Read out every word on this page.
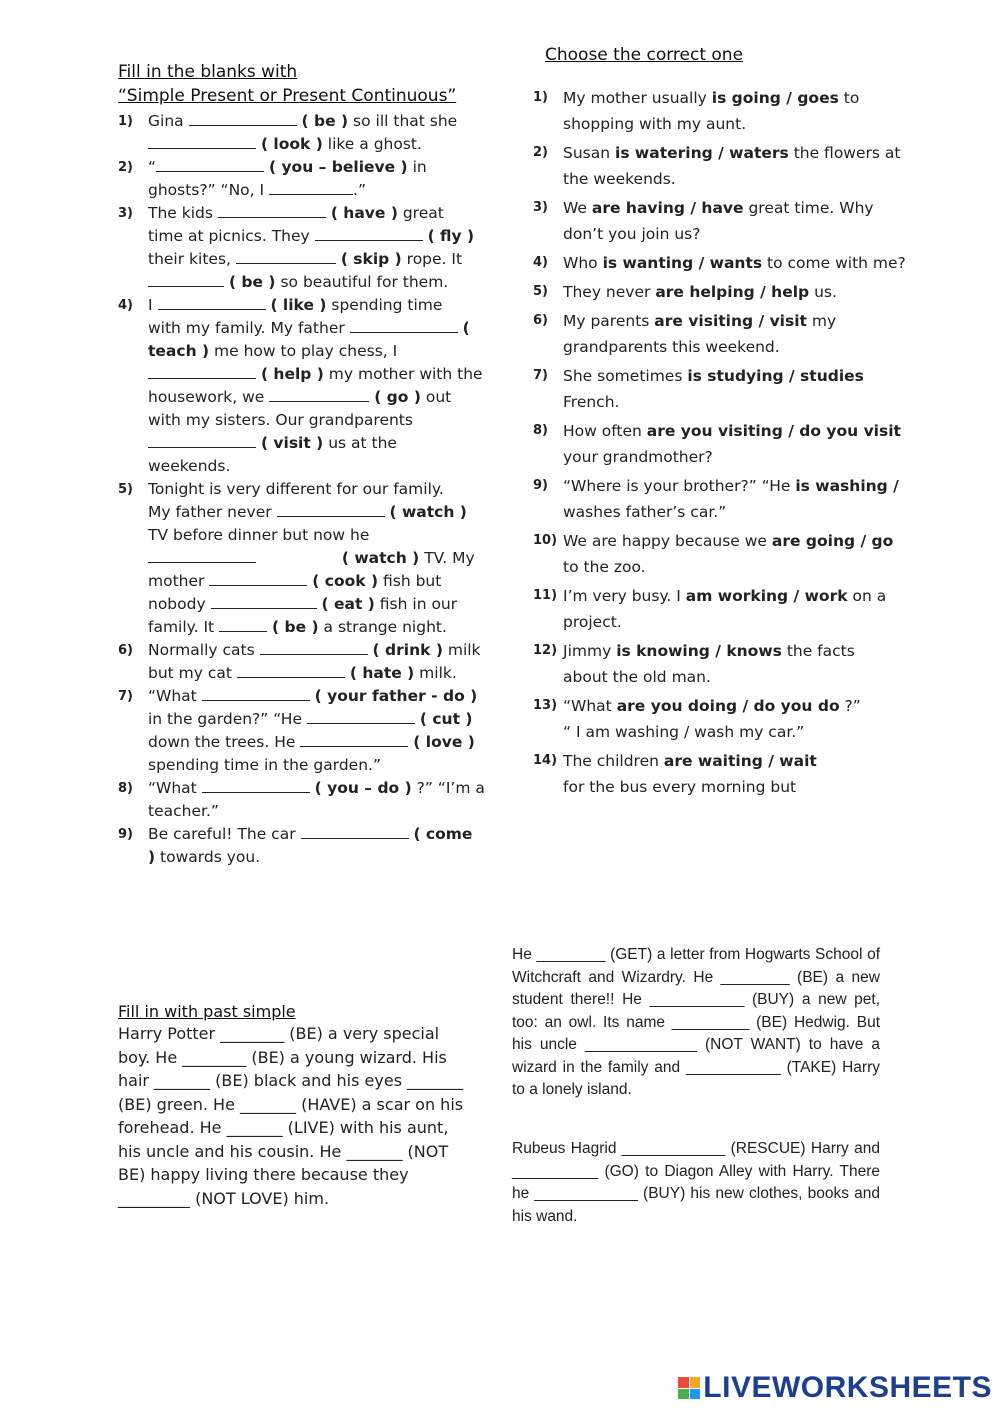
Fill in the blanks with
“Simple Present or Present Continuous”
1) Gina	( be ) so ill that she
( look ) like a ghost.
2) “	( you – believe ) in
ghosts?” “No, I	.”
3) The kids	( have ) great
time at picnics. They	( fly )
their kites,	( skip ) rope. It
( be ) so beautiful for them.
4) I	( like ) spending time
with my family. My father	(
teach ) me how to play chess, I
( help ) my mother with the
housework, we	( go ) out
with my sisters. Our grandparents
( visit ) us at the
weekends.
5) Tonight is very different for our family.
My father never	( watch )
TV before dinner but now he
( watch ) TV. My
mother	( cook ) fish but
nobody	( eat ) fish in our
family. It	( be ) a strange night.
6) Normally cats	( drink ) milk
but my cat	( hate ) milk.
7) “What	( your father - do )
in the garden?” “He	( cut )
down the trees. He	( love )
spending time in the garden.”
8) “What	( you – do ) ?” “I’m a
teacher.”
9) Be careful! The car	( come
) towards you.
Choose the correct one
1) My mother usually is going / goes to
shopping with my aunt.
2) Susan is watering / waters the flowers at
the weekends.
3) We are having / have great time. Why
don’t you join us?
4) Who is wanting / wants to come with me?
5) They never are helping / help us.
6) My parents are visiting / visit my
grandparents this weekend.
7) She sometimes is studying / studies
French.
8) How often are you visiting / do you visit
your grandmother?
9) “Where is your brother?” “He is washing /
washes father’s car.”
10) We are happy because we are going / go
to the zoo.
11) I’m very busy. I am working / work on a
project.
12) Jimmy is knowing / knows the facts
about the old man.
13) “What are you doing / do you do ?”
“ I am washing / wash my car.”
14) The children are waiting / wait
for the bus every morning but
Fill in with past simple
Harry Potter ________ (BE) a very special
boy. He ________ (BE) a young wizard. His
hair _______ (BE) black and his eyes _______
(BE) green. He _______ (HAVE) a scar on his
forehead. He _______ (LIVE) with his aunt,
his uncle and his cousin. He _______ (NOT
BE) happy living there because they
_________ (NOT LOVE) him.
He ________ (GET) a letter from Hogwarts School of Witchcraft and Wizardry. He ________ (BE) a new student there!! He ___________ (BUY) a new pet, too: an owl. Its name _________ (BE) Hedwig. But his uncle _____________ (NOT WANT) to have a wizard in the family and ___________ (TAKE) Harry to a lonely island.
Rubeus Hagrid ____________ (RESCUE) Harry and __________ (GO) to Diagon Alley with Harry. There he ____________ (BUY) his new clothes, books and his wand.
LIVEWORKSHEETS
